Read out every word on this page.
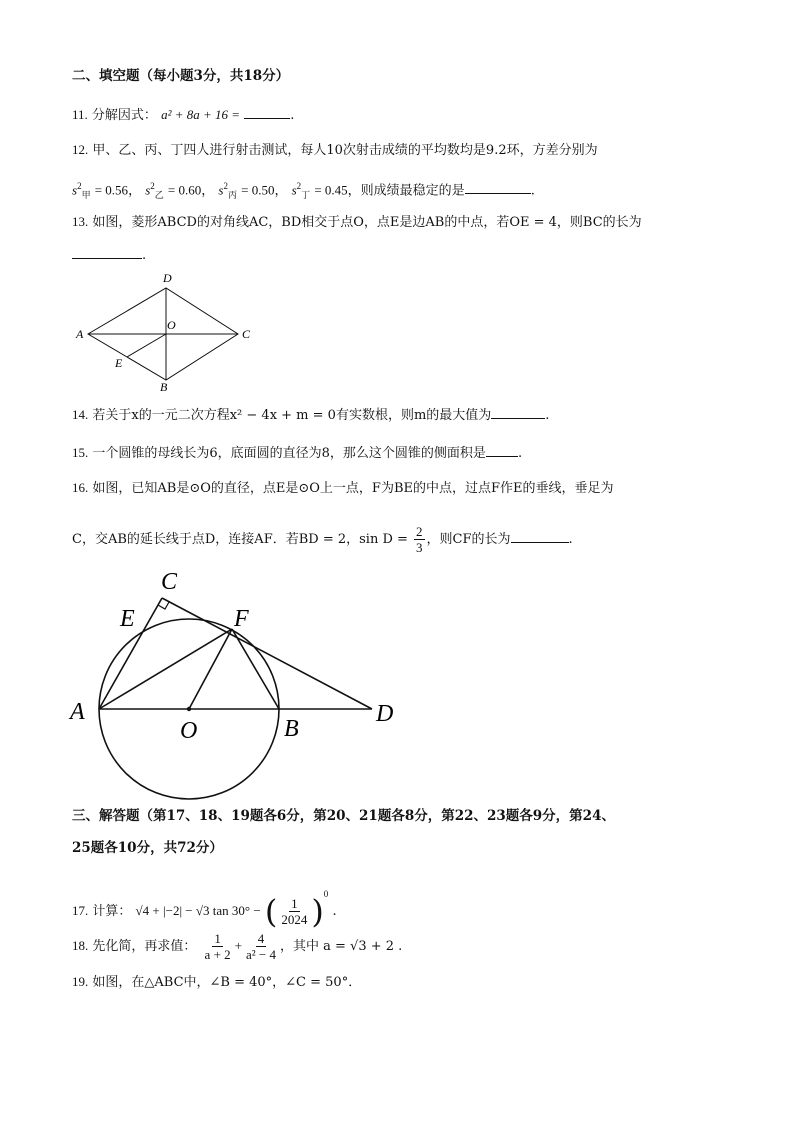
二、填空题（每小题3分，共18分）
11. 分解因式： a² + 8a + 16 =	.
12. 甲、乙、丙、丁四人进行射击测试，每人10次射击成绩的平均数均是9.2环，方差分别为
$s^2_甲 = 0.56$， $s^2_乙 = 0.60$， $s^2_丙 = 0.50$， $s^2_丁 = 0.45$，则成绩最稳定的是	.
13. 如图，菱形ABCD的对角线AC，BD相交于点O，点E是边AB的中点，若OE = 4，则BC的长为
.
A
D
C
B
O
E
14. 若关于x的一元二次方程x² − 4x + m = 0有实数根，则m的最大值为	.
15. 一个圆锥的母线长为6，底面圆的直径为8，那么这个圆锥的侧面积是 .
16. 如图，已知AB是⊙O的直径，点E是⊙O上一点，F为BE的中点，过点F作E的垂线，垂足为
C，交AB的延长线于点D，连接AF．若BD = 2，$\sin D = \frac{2}{3}$ ，则CF的长为	.
C
E	F
A
O	B
D
三、解答题（第17、18、19题各6分，第20、21题各8分，第22、23题各9分，第24、
25题各10分，共72分）
17. 计算： √4 + |−2| − √3 tan 30° − ( $\frac{1}{2024} )^0$ .
18. 先化简，再求值： $\frac{1}{a + 2} + \frac{4}{\text{a² − 4}}$ ，其中 a = √3 + 2 .
19. 如图，在△ABC中，∠B = 40°，∠C = 50°．
